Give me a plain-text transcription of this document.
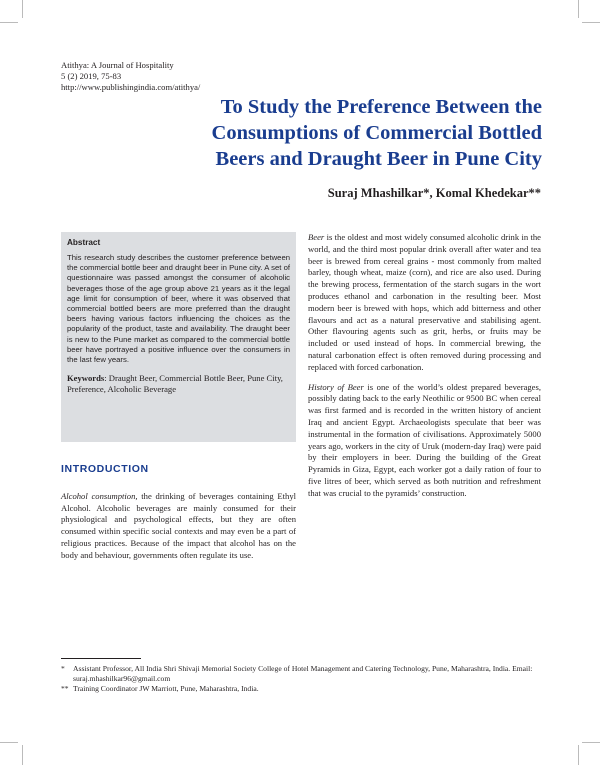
Atithya: A Journal of Hospitality
5 (2) 2019, 75-83
http://www.publishingindia.com/atithya/
To Study the Preference Between the
Consumptions of Commercial Bottled
Beers and Draught Beer in Pune City
Suraj Mhashilkar*, Komal Khedekar**
Abstract
This research study describes the customer preference between the commercial bottle beer and draught beer in Pune city. A set of questionnaire was passed amongst the consumer of alcoholic beverages those of the age group above 21 years as it the legal age limit for consumption of beer, where it was observed that commercial bottled beers are more preferred than the draught beers having various factors influencing the choices as the popularity of the product, taste and availability. The draught beer is new to the Pune market as compared to the commercial bottle beer have portrayed a positive influence over the consumers in the last few years.
Keywords: Draught Beer, Commercial Bottle Beer, Pune City, Preference, Alcoholic Beverage
INTRODUCTION
Alcohol consumption, the drinking of beverages containing Ethyl Alcohol. Alcoholic beverages are mainly consumed for their physiological and psychological effects, but they are often consumed within specific social contexts and may even be a part of religious practices. Because of the impact that alcohol has on the body and behaviour, governments often regulate its use.

Beer is the oldest and most widely consumed alcoholic drink in the world, and the third most popular drink overall after water and tea beer is brewed from cereal grains - most commonly from malted barley, though wheat, maize (corn), and rice are also used. During the brewing process, fermentation of the starch sugars in the wort produces ethanol and carbonation in the resulting beer. Most modern beer is brewed with hops, which add bitterness and other flavours and act as a natural preservative and stabilising agent. Other flavouring agents such as grit, herbs, or fruits may be included or used instead of hops. In commercial brewing, the natural carbonation effect is often removed during processing and replaced with forced carbonation.

History of Beer is one of the world’s oldest prepared beverages, possibly dating back to the early Neothilic or 9500 BC when cereal was first farmed and is recorded in the written history of ancient Iraq and ancient Egypt. Archaeologists speculate that beer was instrumental in the formation of civilisations. Approximately 5000 years ago, workers in the city of Uruk (modern-day Iraq) were paid by their employers in beer. During the building of the Great Pyramids in Giza, Egypt, each worker got a daily ration of four to five litres of beer, which served as both nutrition and refreshment that was crucial to the pyramids’ construction.

*	Assistant Professor, All India Shri Shivaji Memorial Society College of Hotel Management and Catering Technology, Pune, Maharashtra, India. Email: suraj.mhashilkar96@gmail.com
** Training Coordinator JW Marriott, Pune, Maharashtra, India.
